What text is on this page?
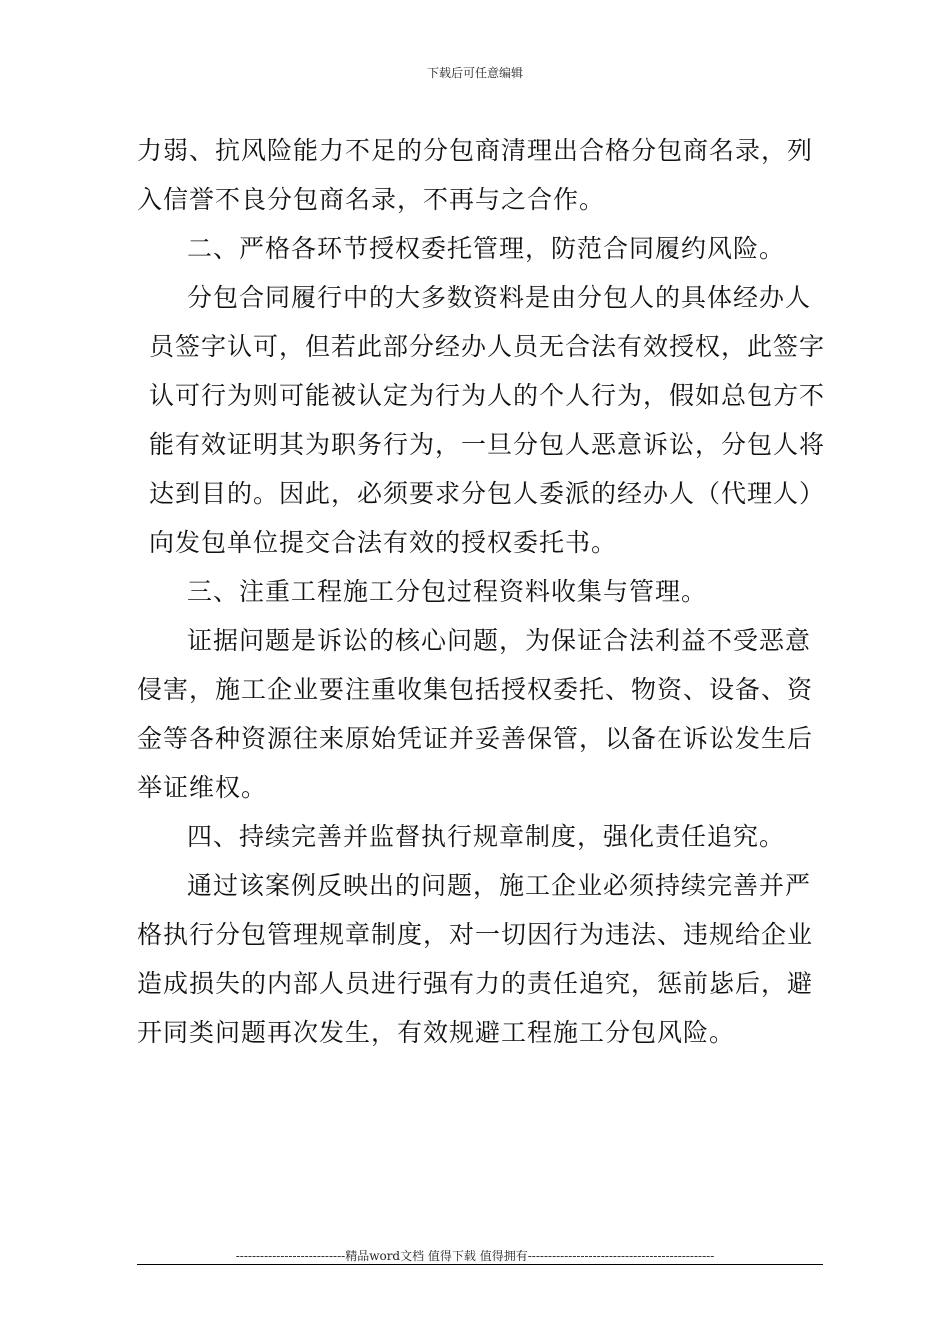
下载后可任意编辑
力弱、抗风险能力不足的分包商清理出合格分包商名录，列
入信誉不良分包商名录，不再与之合作。
二、严格各环节授权委托管理，防范合同履约风险。
分包合同履行中的大多数资料是由分包人的具体经办人
员签字认可，但若此部分经办人员无合法有效授权，此签字
认可行为则可能被认定为行为人的个人行为，假如总包方不
能有效证明其为职务行为，一旦分包人恶意诉讼，分包人将
达到目的。因此，必须要求分包人委派的经办人（代理人）
向发包单位提交合法有效的授权委托书。
三、注重工程施工分包过程资料收集与管理。
证据问题是诉讼的核心问题，为保证合法利益不受恶意
侵害，施工企业要注重收集包括授权委托、物资、设备、资
金等各种资源往来原始凭证并妥善保管，以备在诉讼发生后
举证维权。
四、持续完善并监督执行规章制度，强化责任追究。
通过该案例反映出的问题，施工企业必须持续完善并严
格执行分包管理规章制度，对一切因行为违法、违规给企业
造成损失的内部人员进行强有力的责任追究，惩前毖后，避
开同类问题再次发生，有效规避工程施工分包风险。
---------------------------精品word文档 值得下载 值得拥有----------------------------------------------
